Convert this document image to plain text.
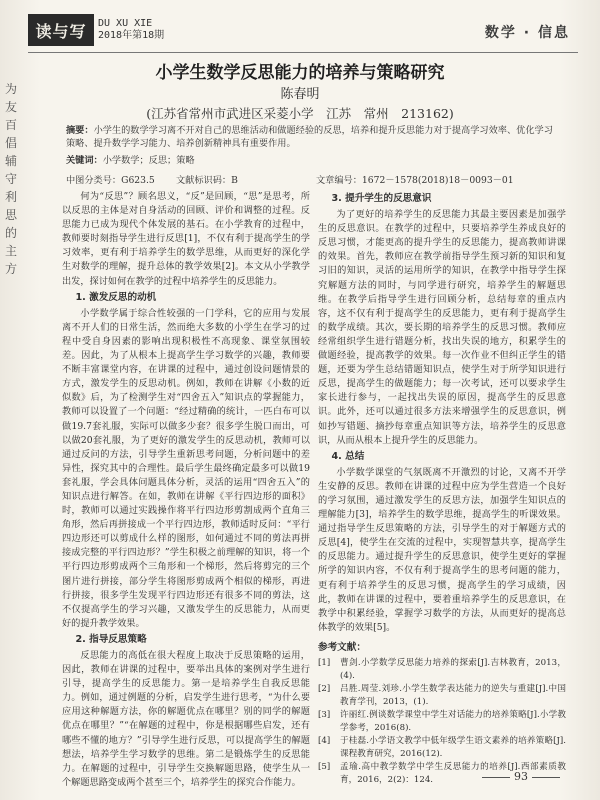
读与写	DU XU XIE
2018年第18期	数学 · 信息
为
友
百
倡
辅
守
利
思
的
主
方
小学生数学反思能力的培养与策略研究
陈春明
(江苏省常州市武进区采菱小学　江苏　常州　213162)
摘要：小学生的数学学习离不开对自己的思维活动和做题经验的反思，培养和提升反思能力对于提高学习效率、优化学习策略、提升数学学习能力、培养创新精神具有重要作用。
关键词：小学数学；反思；策略
中图分类号：G623.5	文献标识码：B	文章编号：1672－1578(2018)18－0093－01

何为“反思”？顾名思义，“反”是回顾，“思”是思考，所以反思的主体是对自身活动的回顾、评价和调整的过程。反思能力已成为现代个体发展的基石。在小学教育的过程中，教师要时刻指导学生进行反思[1]，不仅有利于提高学生的学习效率，更有利于培养学生的数学思维，从而更好的深化学生对数学的理解，提升总体的教学效果[2]。本文从小学教学出发，探讨如何在教学的过程中培养学生的反思能力。

1. 激发反思的动机

小学数学属于综合性较强的一门学科，它的应用与发展离不开人们的日常生活，然而绝大多数的小学生在学习的过程中受自身因素的影响出现积极性不高现象、课堂氛围较差。因此，为了从根本上提高学生学习数学的兴趣，教师要不断丰富课堂内容，在讲课的过程中，通过创设问题情景的方式，激发学生的反思动机。例如，教师在讲解《小数的近似数》后，为了检测学生对“四舍五入”知识点的掌握能力，教师可以设置了一个问题：“经过精确的统计，一匹白布可以做19.7套礼服，实际可以做多少套？很多学生脱口而出，可以做20套礼服，为了更好的激发学生的反思动机，教师可以通过反问的方法，引导学生重新思考问题，分析问题中的差异性，探究其中的合理性。最后学生最终确定最多可以做19套礼服，学会具体问题具体分析，灵活的运用“四舍五入”的知识点进行解答。在如，教师在讲解《平行四边形的面积》时，教师可以通过实践操作将平行四边形剪割成两个直角三角形，然后再拼接成一个平行四边形，教师适时反问：“平行四边形还可以剪成什么样的图形，如何通过不同的剪法再拼接成完整的平行四边形？”学生积极之前理解的知识，将一个平行四边形剪成两个三角形和一个梯形，然后将剪完的三个图片进行拼接，部分学生将图形剪成两个相似的梯形，再进行拼接，很多学生发现平行四边形还有很多不同的剪法，这不仅提高学生的学习兴趣，又激发学生的反思能力，从而更好的提升教学效果。

2. 指导反思策略

反思能力的高低在很大程度上取决于反思策略的运用，因此，教师在讲课的过程中，要举出具体的案例对学生进行引导，提高学生的反思能力。第一是培养学生自我反思能力。例如，通过例题的分析，启发学生进行思考，“为什么要应用这种解题方法，你的解题优点在哪里？别的同学的解题优点在哪里？”“在解题的过程中，你是根据哪些启发，还有哪些不懂的地方？”引导学生进行反思，可以提高学生的解题想法，培养学生学习数学的思维。第二是锻炼学生的反思能力。在解题的过程中，引导学生交换解题思路，使学生从一个解题思路变成两个甚至三个，培养学生的探究合作能力。

3. 提升学生的反思意识

为了更好的培养学生的反思能力其最主要因素是加强学生的反思意识。在教学的过程中，只要培养学生养成良好的反思习惯，才能更高的提升学生的反思能力，提高教师讲课的效果。首先，教师应在教学前指导学生预习新的知识和复习旧的知识，灵活的运用所学的知识，在教学中指导学生探究解题方法的同时，与同学进行研究，培养学生的解题思维。在教学后指导学生进行回顾分析，总结每章的重点内容，这不仅有利于提高学生的反思能力，更有利于提高学生的数学成绩。其次，要长期的培养学生的反思习惯。教师应经常组织学生进行错题分析，找出失误的地方，积累学生的做题经验，提高教学的效果。每一次作业不但纠正学生的错题，还要为学生总结错题知识点，使学生对于所学知识进行反思，提高学生的做题能力；每一次考试，还可以要求学生家长进行参与，一起找出失误的原因，提高学生的反思意识。此外，还可以通过很多方法来增强学生的反思意识，例如抄写错题、摘抄每章重点知识等方法，培养学生的反思意识，从而从根本上提升学生的反思能力。

4. 总结

小学数学课堂的气氛既离不开激烈的讨论，又离不开学生安静的反思。教师在讲课的过程中应为学生营造一个良好的学习氛围，通过激发学生的反思方法，加强学生知识点的理解能力[3]，培养学生的数学思维，提高学生的听课效果。通过指导学生反思策略的方法，引导学生的对于解题方式的反思[4]，使学生在交流的过程中，实现智慧共享，提高学生的反思能力。通过提升学生的反思意识，使学生更好的掌握所学的知识内容，不仅有利于提高学生的思考问题的能力，更有利于培养学生的反思习惯，提高学生的学习成绩，因此，教师在讲课的过程中，要着重培养学生的反思意识，在教学中积累经验，掌握学习数学的方法，从而更好的提高总体教学的效果[5]。

参考文献：
[1]	曹剑.小学数学反思能力培养的探索[J].吉林教育，2013，(4).
[2]	吕胜.周莹.刘珍.小学生数学表达能力的逆失与重建[J].中国教育学刊，2013，(1).
[3]	许丽红.例谈数学课堂中学生对话能力的培养策略[J].小学教学参考，2016(8).
[4]	于桂磊.小学语文教学中低年级学生语文素养的培养策略[J].课程教育研究，2016(12).
[5]	孟瑜.高中教学数学中学生反思能力的培养[J].西部素质教育，2016，2(2)：124.	93
